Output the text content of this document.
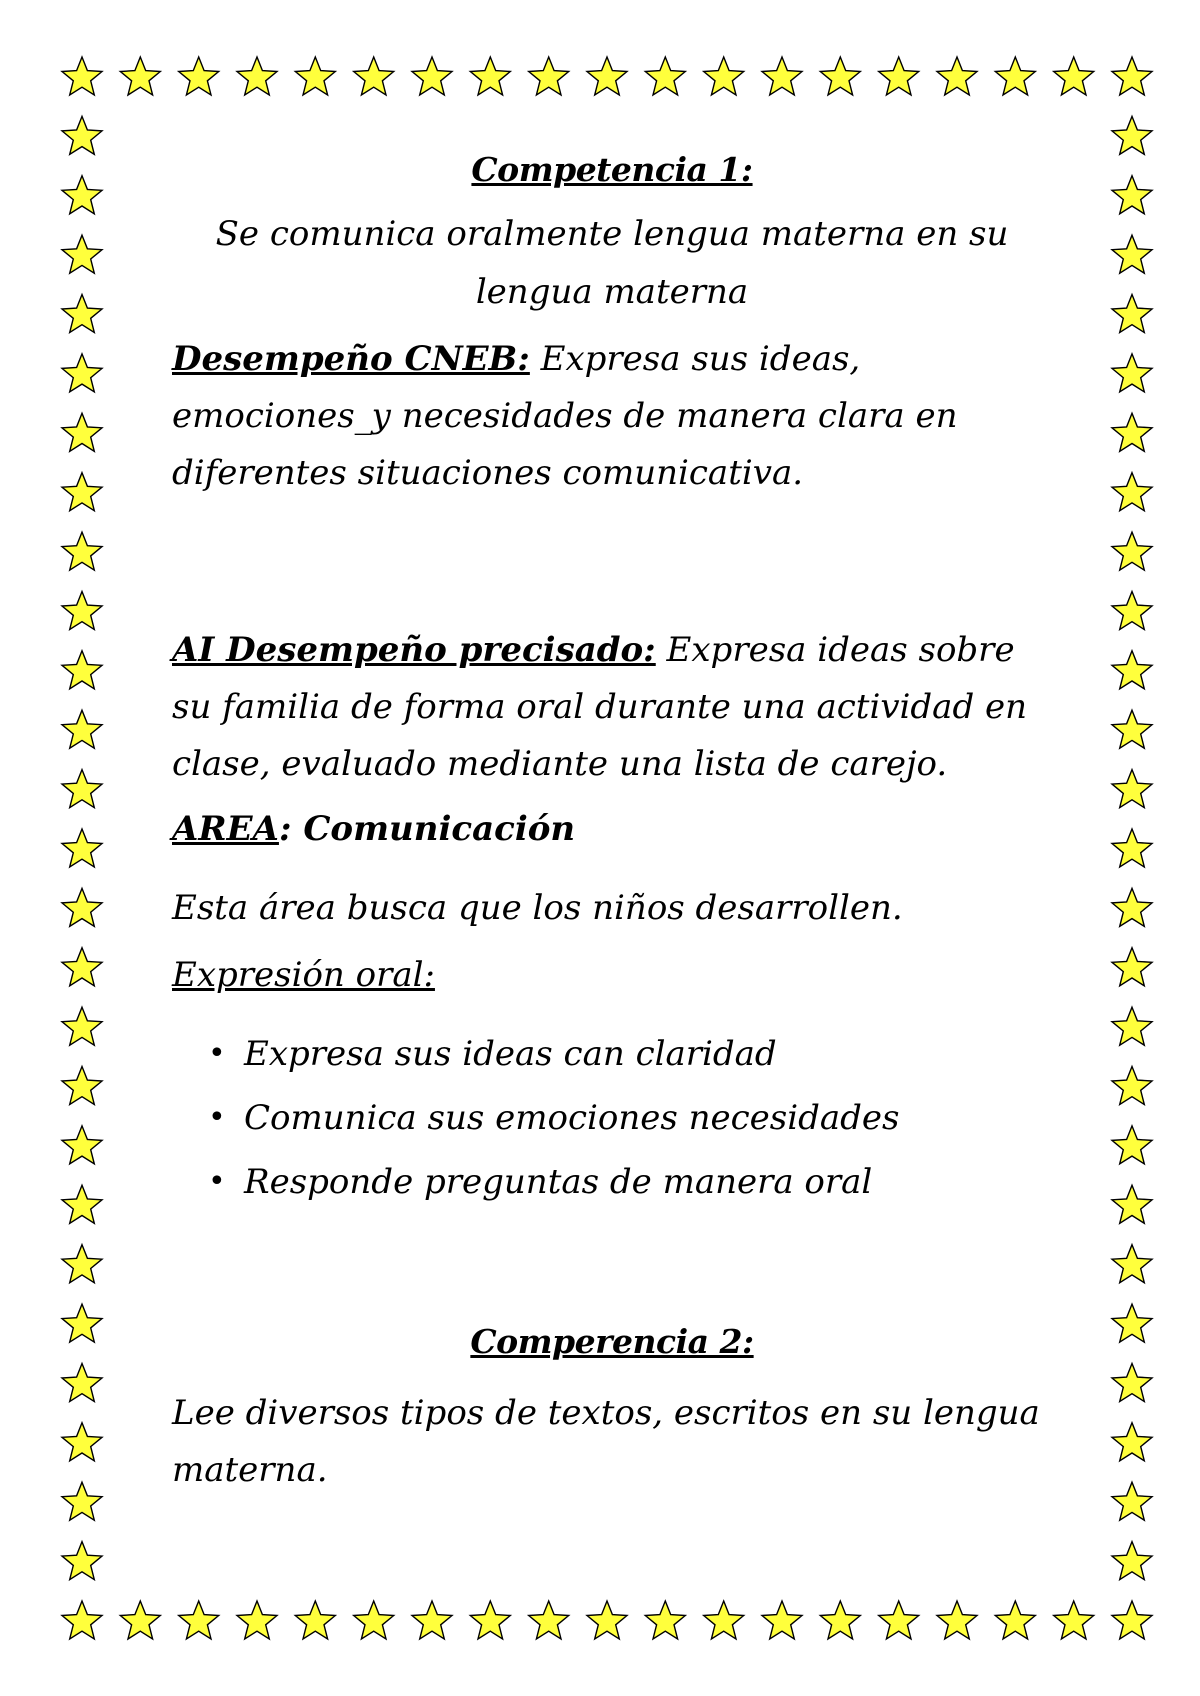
Competencia 1:

Se comunica oralmente lengua materna en su
lengua materna

Desempeño CNEB: Expresa sus ideas, emociones_y necesidades de manera clara en diferentes situaciones comunicativa.

AI Desempeño precisado: Expresa ideas sobre su familia de forma oral durante una actividad en clase, evaluado mediante una lista de carejo.

AREA: Comunicación

Esta área busca que los niños desarrollen.

Expresión oral:

• Expresa sus ideas can claridad
• Comunica sus emociones necesidades
• Responde preguntas de manera oral
Comperencia 2:

Lee diversos tipos de textos, escritos en su lengua materna.
